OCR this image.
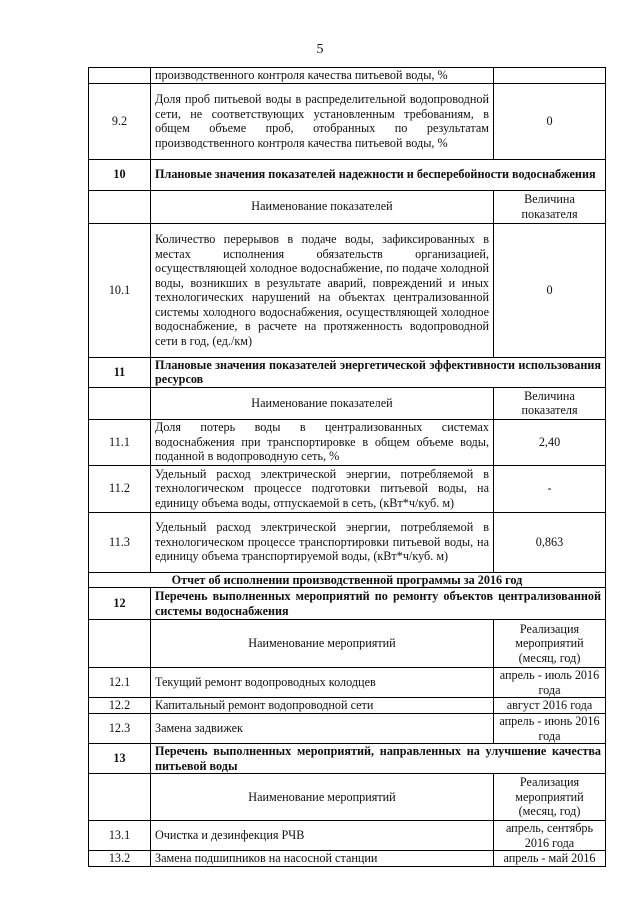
5
	производственного контроля качества питьевой воды, %	
9.2	Доля проб питьевой воды в распределительной водопроводной сети, не соответствующих установленным требованиям, в общем объеме проб, отобранных по результатам производственного контроля качества питьевой воды, %	0
10	Плановые значения показателей надежности и бесперебойности водоснабжения	
	Наименование показателей	Величина показателя
10.1	Количество перерывов в подаче воды, зафиксированных в местах исполнения обязательств организацией, осуществляющей холодное водоснабжение, по подаче холодной воды, возникших в результате аварий, повреждений и иных технологических нарушений на объектах централизованной системы холодного водоснабжения, осуществляющей холодное водоснабжение, в расчете на протяженность водопроводной сети в год, (ед./км)	0
11	Плановые значения показателей энергетической эффективности использования ресурсов	
	Наименование показателей	Величина показателя
11.1	Доля потерь воды в централизованных системах водоснабжения при транспортировке в общем объеме воды, поданной в водопроводную сеть, %	2,40
11.2	Удельный расход электрической энергии, потребляемой в технологическом процессе подготовки питьевой воды, на единицу объема воды, отпускаемой в сеть, (кВт*ч/куб. м)	-
11.3	Удельный расход электрической энергии, потребляемой в технологическом процессе транспортировки питьевой воды, на единицу объема транспортируемой воды, (кВт*ч/куб. м)	0,863
Отчет об исполнении производственной программы за 2016 год		
12	Перечень выполненных мероприятий по ремонту объектов централизованной системы водоснабжения	
	Наименование мероприятий	Реализация мероприятий (месяц, год)
12.1	Текущий ремонт водопроводных колодцев	апрель - июль 2016 года
12.2	Капитальный ремонт водопроводной сети	август 2016 года
12.3	Замена задвижек	апрель - июнь 2016 года
13	Перечень выполненных мероприятий, направленных на улучшение качества питьевой воды	
	Наименование мероприятий	Реализация мероприятий (месяц, год)
13.1	Очистка и дезинфекция РЧВ	апрель, сентябрь 2016 года
13.2	Замена подшипников на насосной станции	апрель - май 2016
